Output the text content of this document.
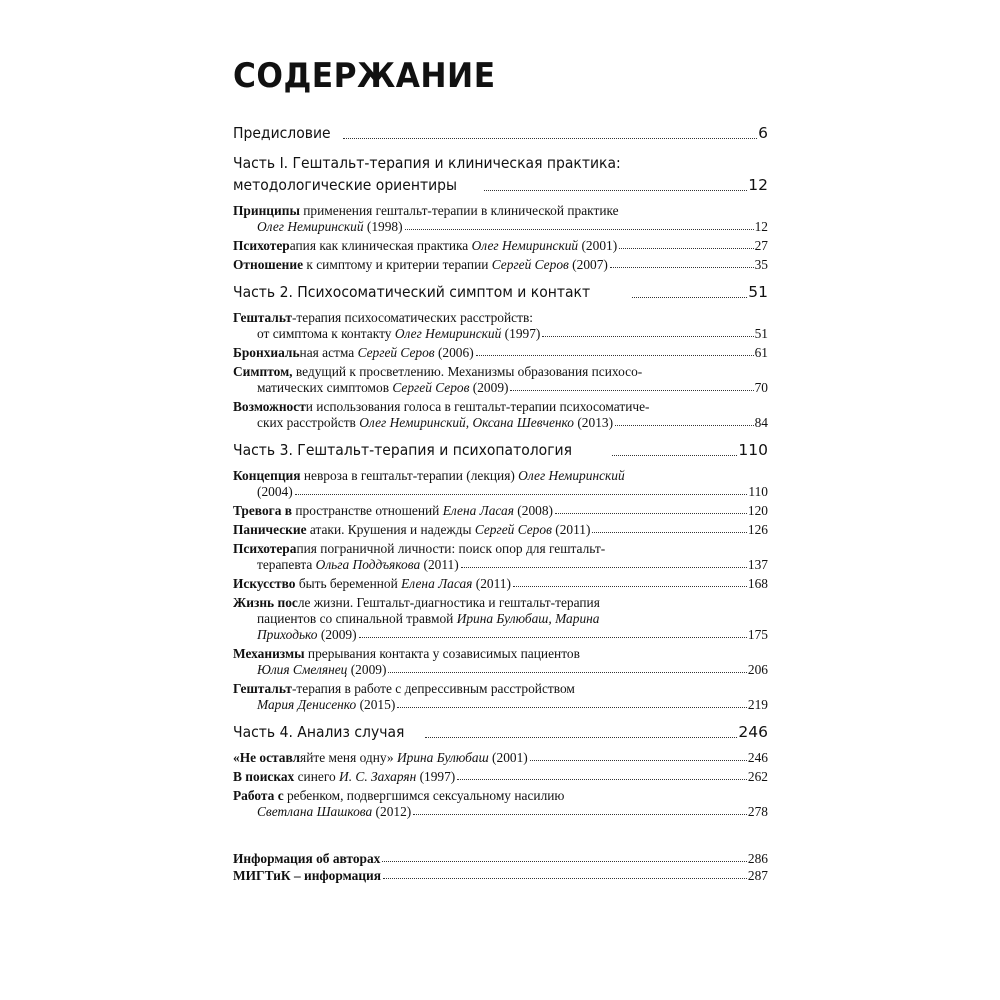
СОДЕРЖАНИЕ
Предисловие	6
Часть I. Гештальт-терапия и клиническая практика:
методологические ориентиры	12
Принципы применения гештальт-терапии в клинической практике
Олег Немиринский (1998)	12
Психотерапия как клиническая практика Олег Немиринский (2001)	27
Отношение к симптому и критерии терапии Сергей Серов (2007)	35
Часть 2. Психосоматический симптом и контакт	51
Гештальт-терапия психосоматических расстройств:
от симптома к контакту Олег Немиринский (1997)	51
Бронхиальная астма Сергей Серов (2006)	61
Симптом, ведущий к просветлению. Механизмы образования психосо-
матических симптомов Сергей Серов (2009)	70
Возможности использования голоса в гештальт-терапии психосоматиче-
ских расстройств Олег Немиринский, Оксана Шевченко (2013)	84
Часть 3. Гештальт-терапия и психопатология	110
Концепция невроза в гештальт-терапии (лекция) Олег Немиринский
(2004)	110
Тревога в пространстве отношений Елена Ласая (2008)	120
Панические атаки. Крушения и надежды Сергей Серов (2011)	126
Психотерапия пограничной личности: поиск опор для гештальт-
терапевта Ольга Поддъякова (2011)	137
Искусство быть беременной Елена Ласая (2011)	168
Жизнь после жизни. Гештальт-диагностика и гештальт-терапия
пациентов со спинальной травмой Ирина Булюбаш, Марина
Приходько (2009)	175
Механизмы прерывания контакта у созависимых пациентов
Юлия Смелянец (2009)	206
Гештальт-терапия в работе с депрессивным расстройством
Мария Денисенко (2015)	219
Часть 4. Анализ случая	246
«Не оставляйте меня одну» Ирина Булюбаш (2001)	246
В поисках синего И. С. Захарян (1997)	262
Работа с ребенком, подвергшимся сексуальному насилию
Светлана Шашкова (2012)	278
Информация об авторах	286
МИГТиК – информация	287
